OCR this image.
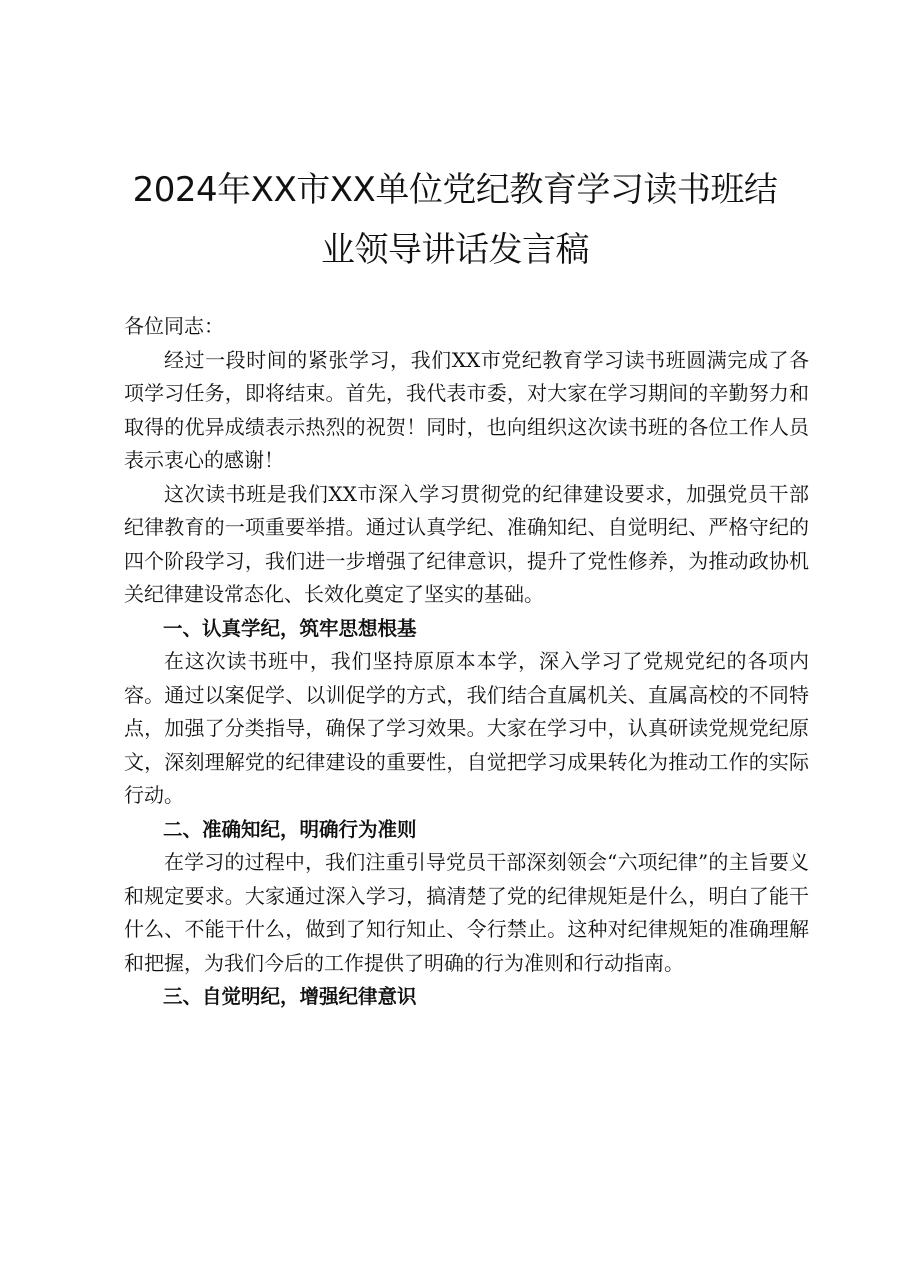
2024年XX市XX单位党纪教育学习读书班结
业领导讲话发言稿

各位同志：

经过一段时间的紧张学习，我们XX市党纪教育学习读书班圆满完成了各项学习任务，即将结束。首先，我代表市委，对大家在学习期间的辛勤努力和取得的优异成绩表示热烈的祝贺！同时，也向组织这次读书班的各位工作人员表示衷心的感谢！

这次读书班是我们XX市深入学习贯彻党的纪律建设要求，加强党员干部纪律教育的一项重要举措。通过认真学纪、准确知纪、自觉明纪、严格守纪的四个阶段学习，我们进一步增强了纪律意识，提升了党性修养，为推动政协机关纪律建设常态化、长效化奠定了坚实的基础。

一、认真学纪，筑牢思想根基

在这次读书班中，我们坚持原原本本学，深入学习了党规党纪的各项内容。通过以案促学、以训促学的方式，我们结合直属机关、直属高校的不同特点，加强了分类指导，确保了学习效果。大家在学习中，认真研读党规党纪原文，深刻理解党的纪律建设的重要性，自觉把学习成果转化为推动工作的实际行动。

二、准确知纪，明确行为准则

在学习的过程中，我们注重引导党员干部深刻领会“六项纪律”的主旨要义和规定要求。大家通过深入学习，搞清楚了党的纪律规矩是什么，明白了能干什么、不能干什么，做到了知行知止、令行禁止。这种对纪律规矩的准确理解和把握，为我们今后的工作提供了明确的行为准则和行动指南。

三、自觉明纪，增强纪律意识
